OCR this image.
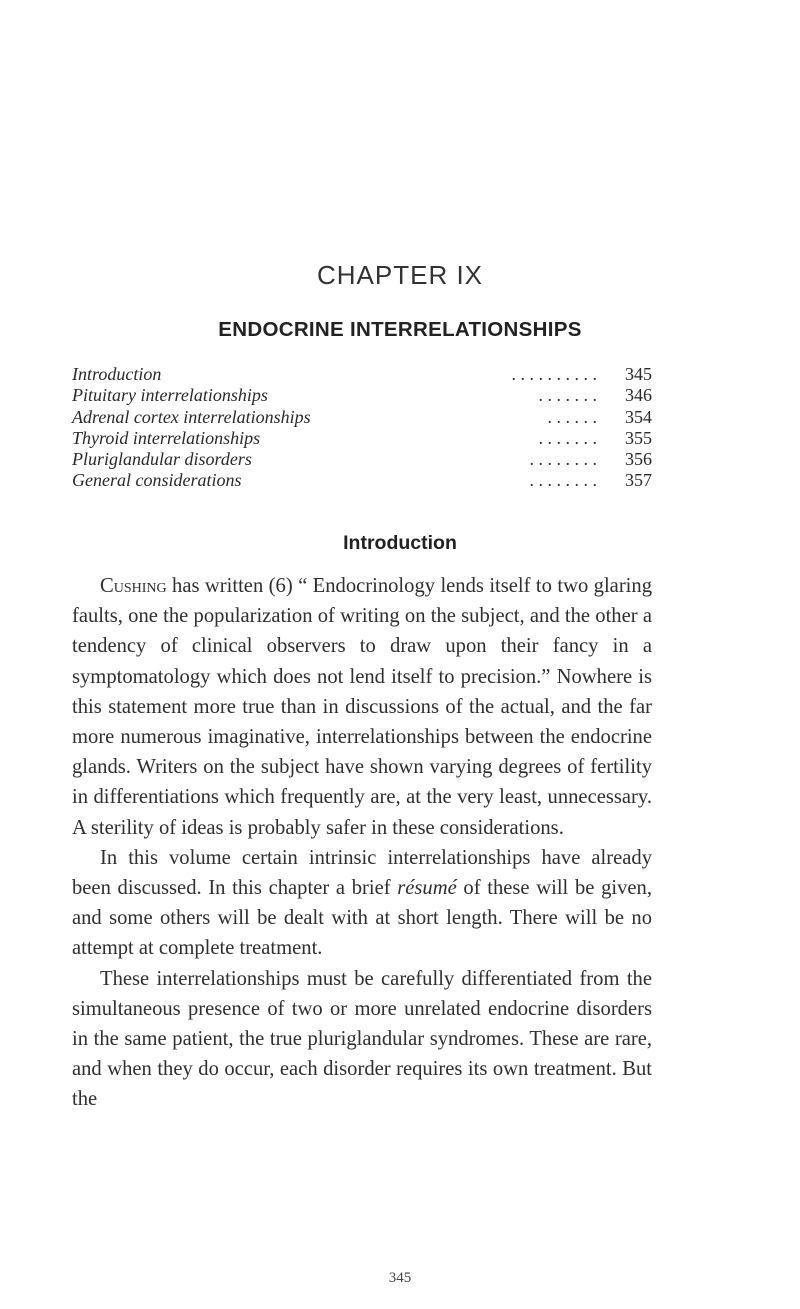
CHAPTER IX
ENDOCRINE INTERRELATIONSHIPS
Introduction	. . . . . . . . . .	345
Pituitary interrelationships	. . . . . . .	346
Adrenal cortex interrelationships	. . . . . .	354
Thyroid interrelationships	. . . . . . .	355
Pluriglandular disorders	. . . . . . . .	356
General considerations	. . . . . . . .	357
Introduction

Cushing has written (6) “ Endocrinology lends itself to two glaring faults, one the popularization of writing on the subject, and the other a tendency of clinical observers to draw upon their fancy in a symptomatology which does not lend itself to precision.” Nowhere is this statement more true than in discussions of the actual, and the far more numerous imaginative, interrelationships between the endocrine glands. Writers on the subject have shown varying degrees of fertility in differentiations which frequently are, at the very least, unnecessary. A sterility of ideas is probably safer in these considerations.

In this volume certain intrinsic interrelationships have already been discussed. In this chapter a brief résumé of these will be given, and some others will be dealt with at short length. There will be no attempt at complete treatment.

These interrelationships must be carefully differentiated from the simultaneous presence of two or more unrelated endocrine disorders in the same patient, the true pluriglandular syndromes. These are rare, and when they do occur, each disorder requires its own treatment. But the

345
